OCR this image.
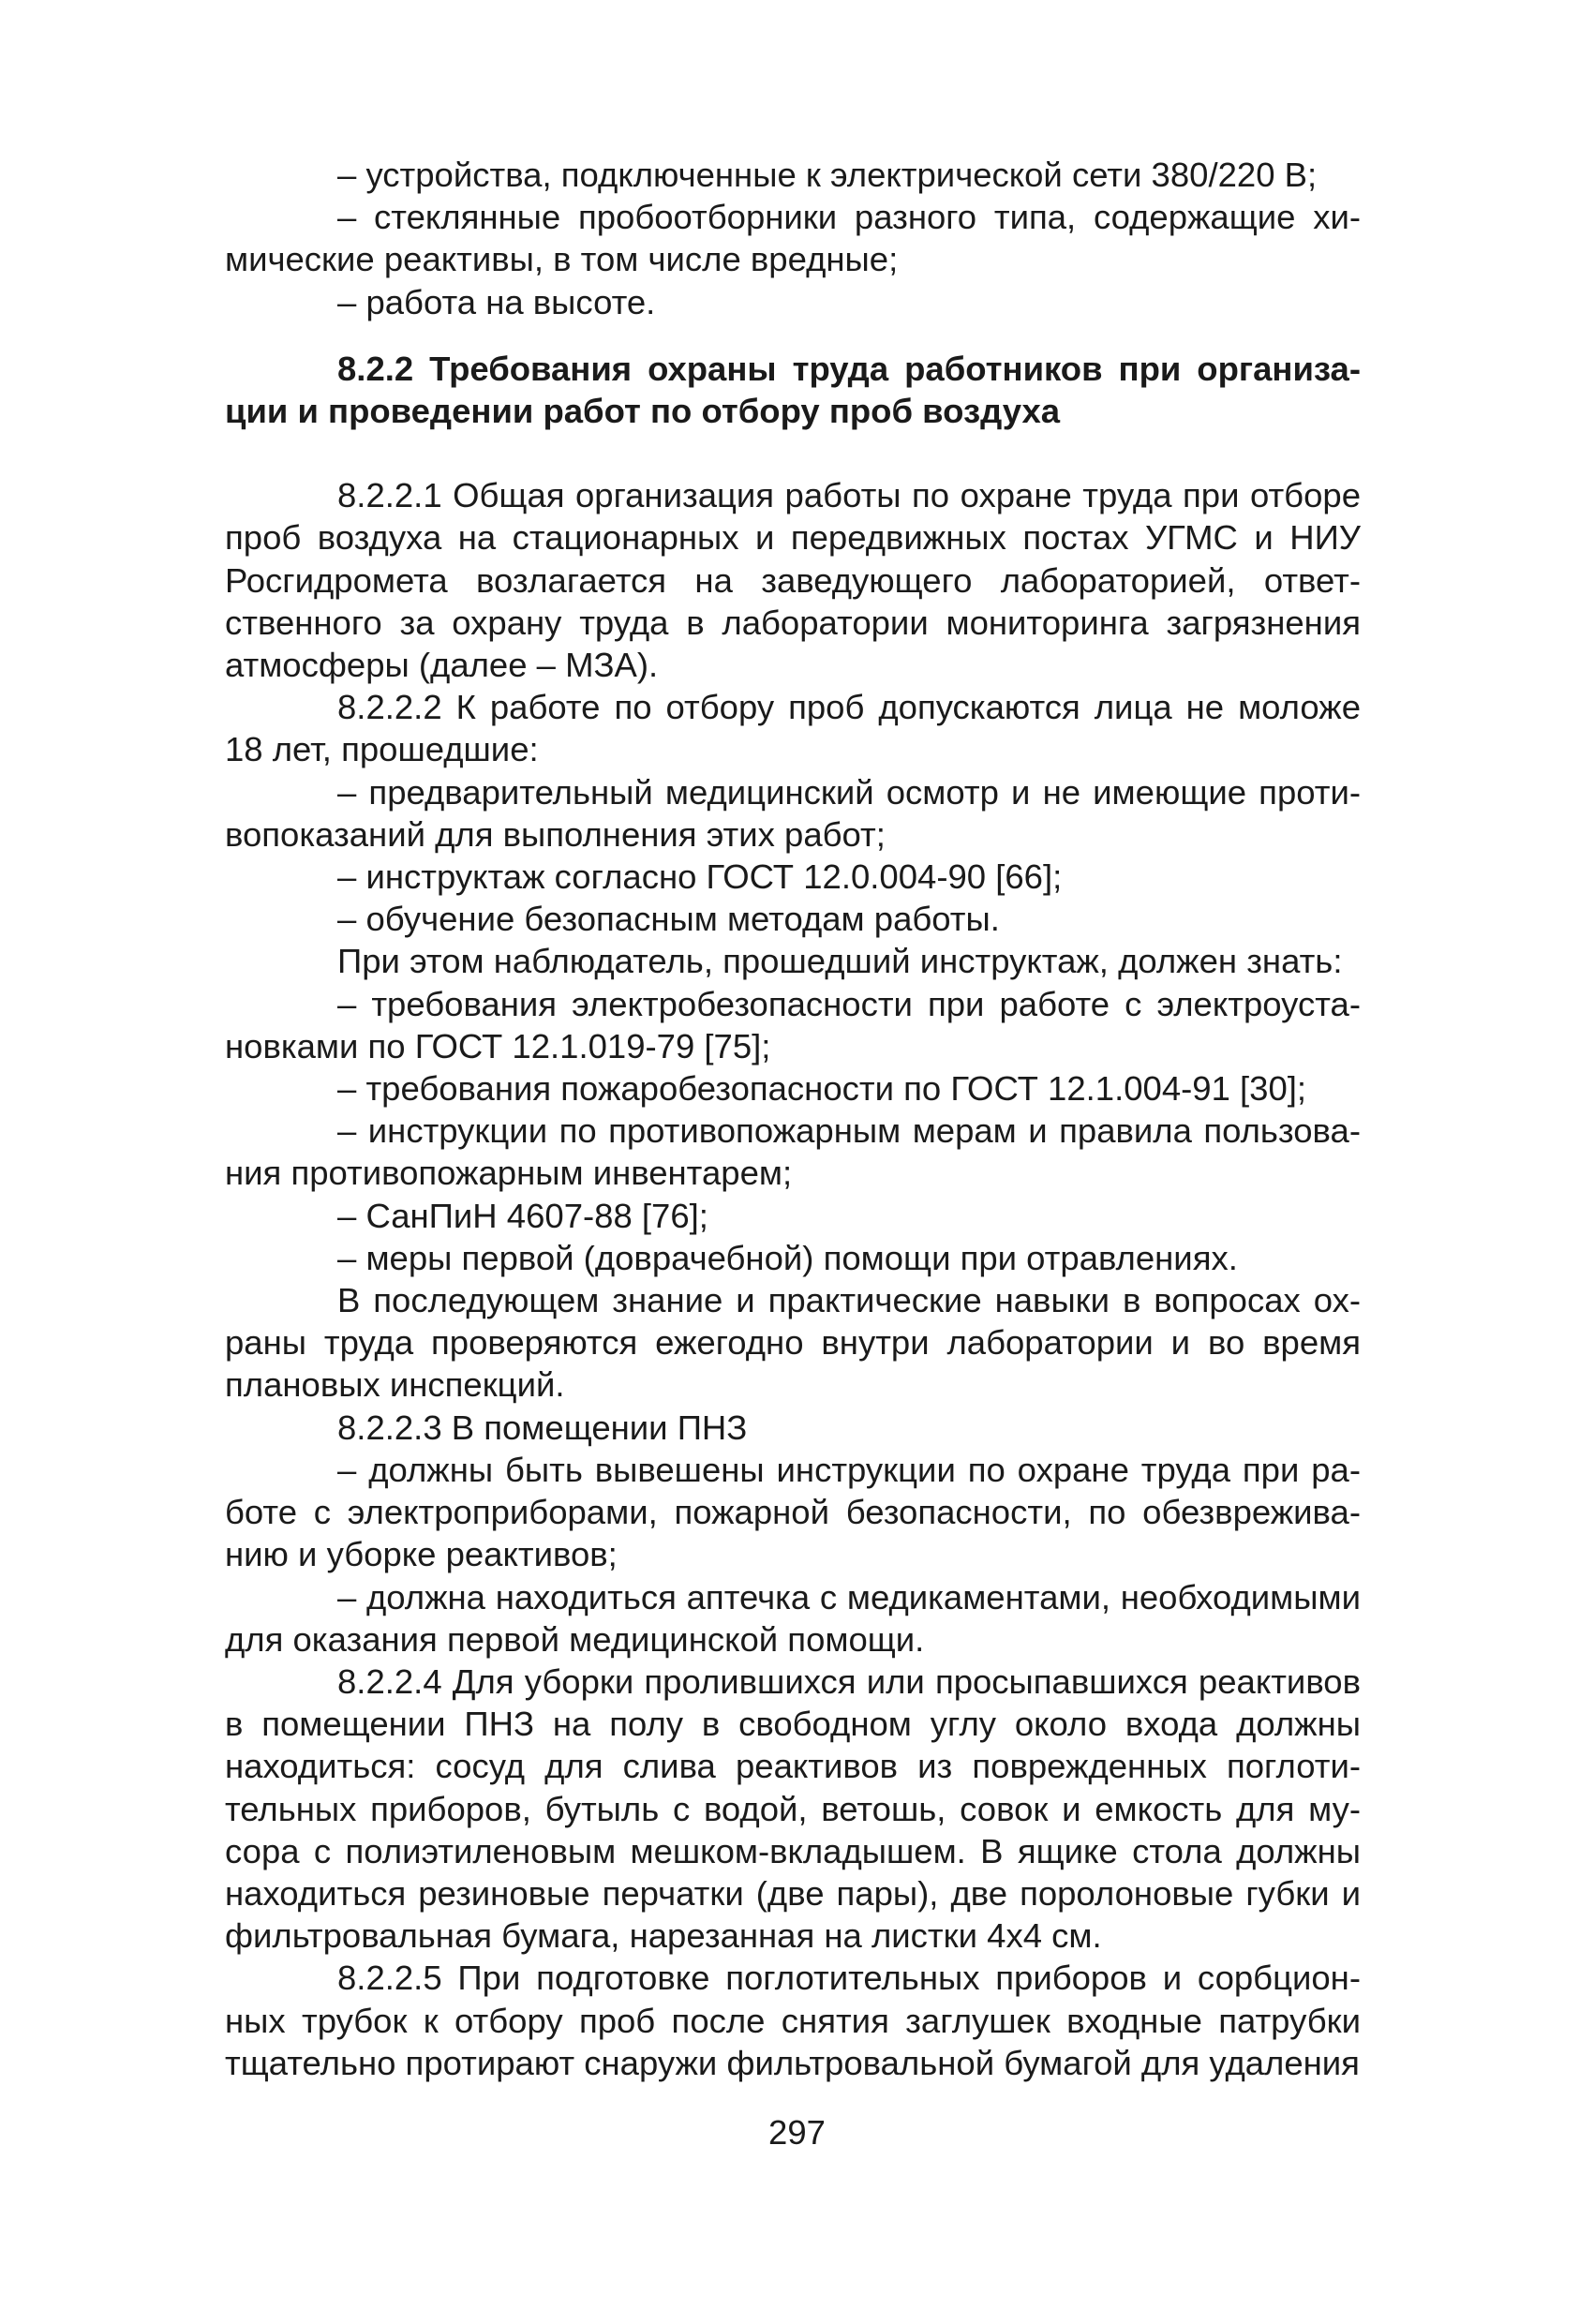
– устройства, подключенные к электрической сети 380/220 В;

– стеклянные пробоотборники разного типа, содержащие химические реактивы, в том числе вредные;

– работа на высоте.

8.2.2 Требования охраны труда работников при организации и проведении работ по отбору проб воздуха

8.2.2.1 Общая организация работы по охране труда при отборе проб воздуха на стационарных и передвижных постах УГМС и НИУ Росгидромета возлагается на заведующего лабораторией, ответственного за охрану труда в лаборатории мониторинга загрязнения атмосферы (далее – МЗА).

8.2.2.2 К работе по отбору проб допускаются лица не моложе 18 лет, прошедшие:

– предварительный медицинский осмотр и не имеющие противопоказаний для выполнения этих работ;

– инструктаж согласно ГОСТ 12.0.004-90 [66];

– обучение безопасным методам работы.

При этом наблюдатель, прошедший инструктаж, должен знать:

– требования электробезопасности при работе с электроустановками по ГОСТ 12.1.019-79 [75];

– требования пожаробезопасности по ГОСТ 12.1.004-91 [30];

– инструкции по противопожарным мерам и правила пользования противопожарным инвентарем;

– СанПиН 4607-88 [76];

– меры первой (доврачебной) помощи при отравлениях.

В последующем знание и практические навыки в вопросах охраны труда проверяются ежегодно внутри лаборатории и во время плановых инспекций.

8.2.2.3 В помещении ПНЗ

– должны быть вывешены инструкции по охране труда при работе с электроприборами, пожарной безопасности, по обезвреживанию и уборке реактивов;

– должна находиться аптечка с медикаментами, необходимыми для оказания первой медицинской помощи.

8.2.2.4 Для уборки пролившихся или просыпавшихся реактивов в помещении ПНЗ на полу в свободном углу около входа должны находиться: сосуд для слива реактивов из поврежденных поглотительных приборов, бутыль с водой, ветошь, совок и емкость для мусора с полиэтиленовым мешком-вкладышем. В ящике стола должны находиться резиновые перчатки (две пары), две поролоновые губки и фильтровальная бумага, нарезанная на листки 4х4 см.

8.2.2.5 При подготовке поглотительных приборов и сорбционных трубок к отбору проб после снятия заглушек входные патрубки тщательно протирают снаружи фильтровальной бумагой для удаления

297
